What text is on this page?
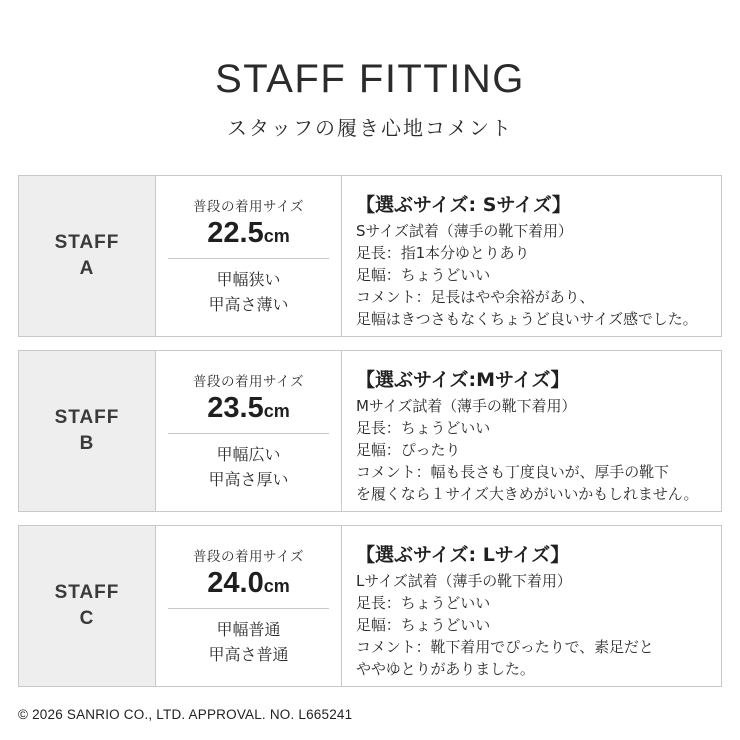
STAFF FITTING
スタッフの履き心地コメント
STAFF
A
普段の着用サイズ
22.5cm
甲幅狭い
甲高さ薄い
【選ぶサイズ: Sサイズ】
Sサイズ試着（薄手の靴下着用）
足長：指1本分ゆとりあり
足幅：ちょうどいい
コメント：足長はやや余裕があり、
足幅はきつさもなくちょうど良いサイズ感でした。
STAFF
B
普段の着用サイズ
23.5cm
甲幅広い
甲高さ厚い
【選ぶサイズ:Mサイズ】
Mサイズ試着（薄手の靴下着用）
足長：ちょうどいい
足幅：ぴったり
コメント：幅も長さも丁度良いが、厚手の靴下
を履くなら１サイズ大きめがいいかもしれません。
STAFF
C
普段の着用サイズ
24.0cm
甲幅普通
甲高さ普通
【選ぶサイズ: Lサイズ】
Lサイズ試着（薄手の靴下着用）
足長：ちょうどいい
足幅：ちょうどいい
コメント：靴下着用でぴったりで、素足だと
ややゆとりがありました。
© 2026 SANRIO CO., LTD. APPROVAL. NO. L665241
